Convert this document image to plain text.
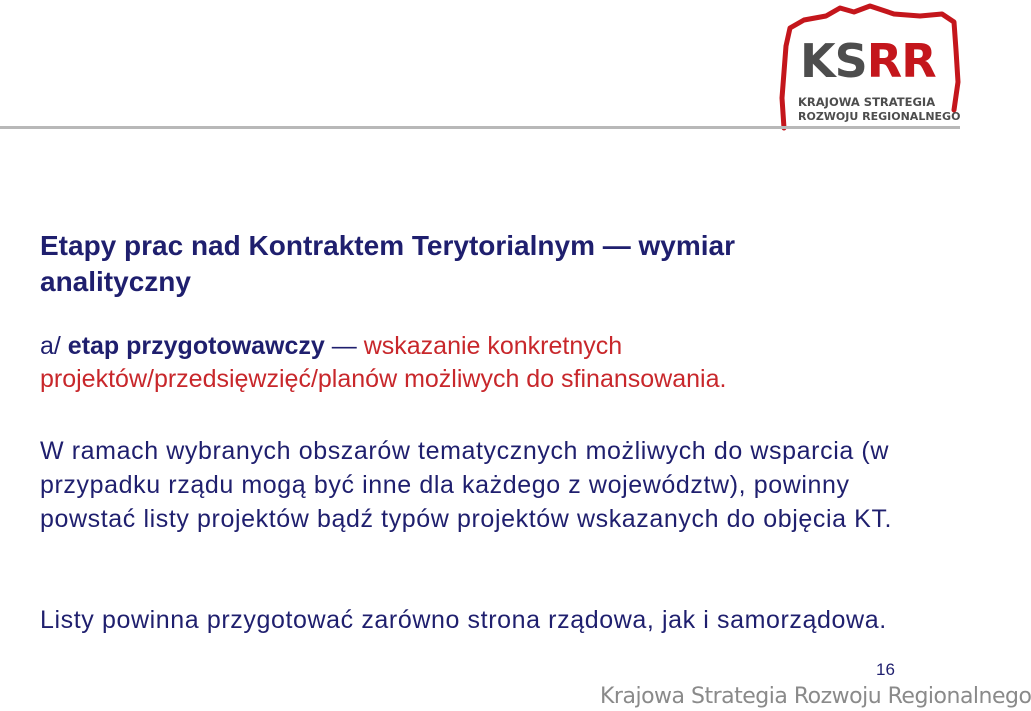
KSRR
KRAJOWA STRATEGIA
ROZWOJU REGIONALNEGO
Etapy prac nad Kontraktem Terytorialnym — wymiar analityczny
a/ etap przygotowawczy — wskazanie konkretnych projektów/przedsięwzięć/planów możliwych do sfinansowania.
W ramach wybranych obszarów tematycznych możliwych do wsparcia (w przypadku rządu mogą być inne dla każdego z województw), powinny powstać listy projektów bądź typów projektów wskazanych do objęcia KT.
Listy powinna przygotować zarówno strona rządowa, jak i samorządowa.
16
Krajowa Strategia Rozwoju Regionalnego
